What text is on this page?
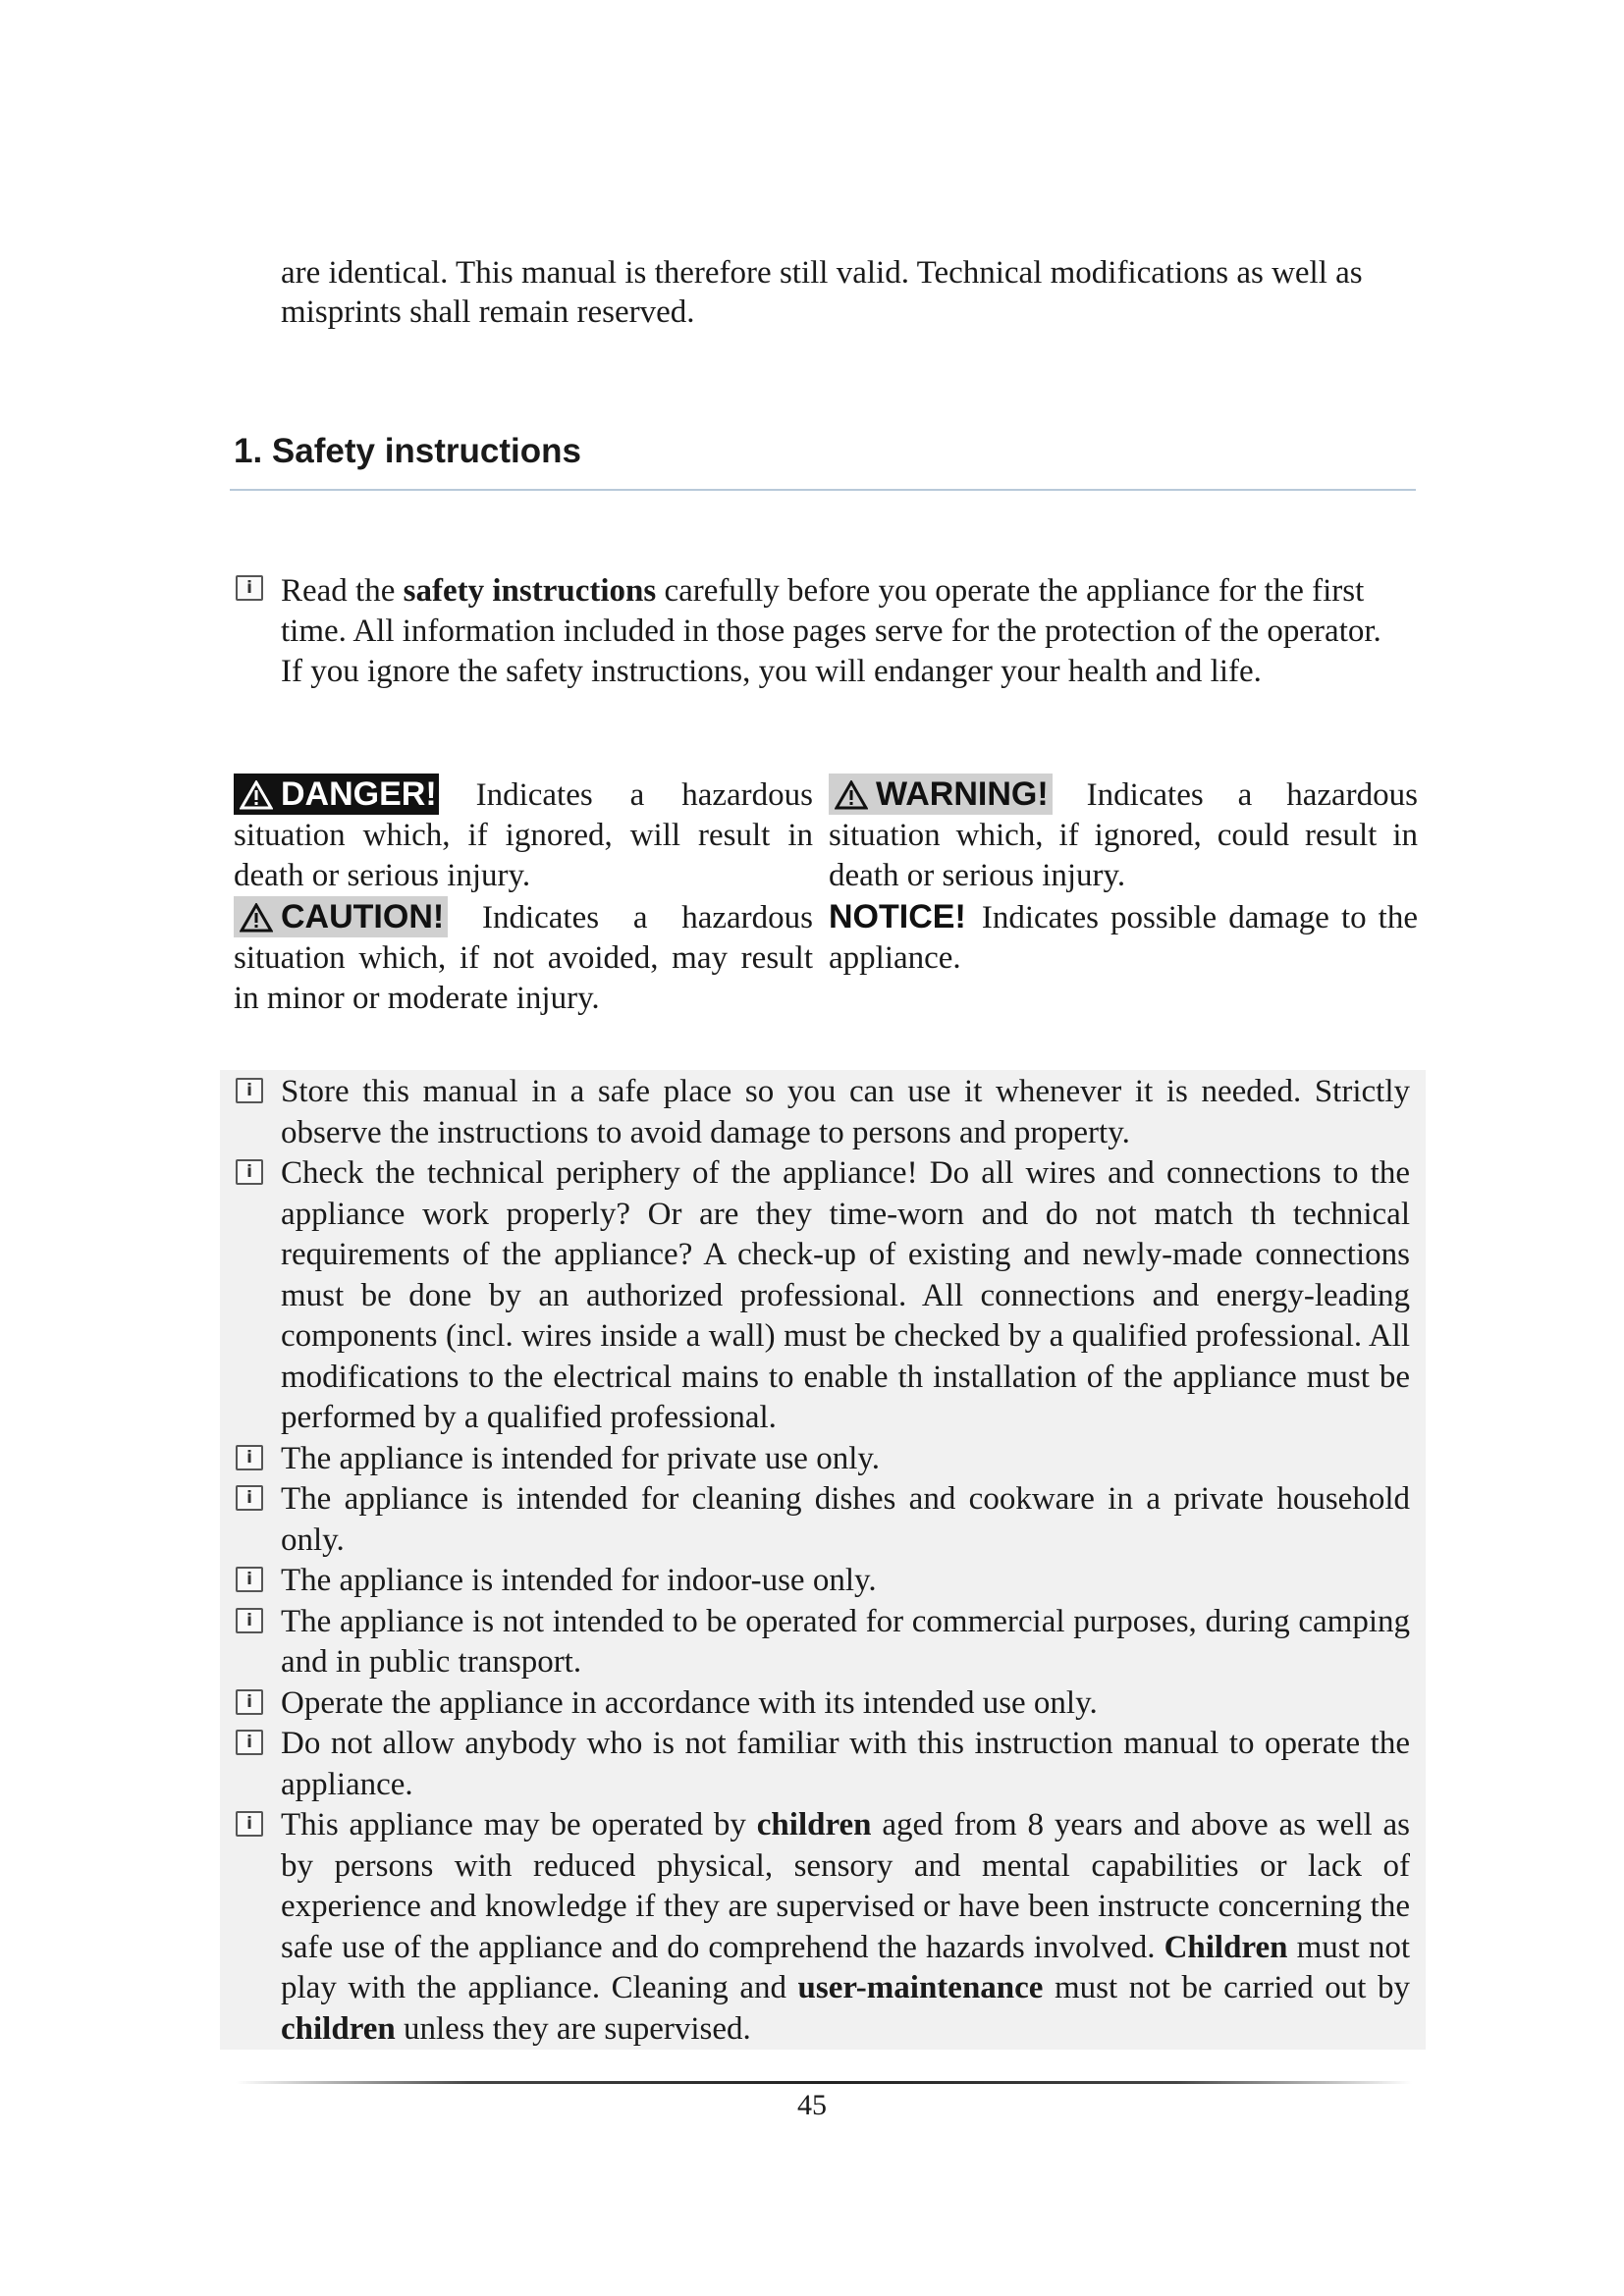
are identical. This manual is therefore still valid. Technical modifications as well as misprints shall remain reserved.

1. Safety instructions

i Read the safety instructions carefully before you operate the appliance for the first time. All information included in those pages serve for the protection of the operator. If you ignore the safety instructions, you will endanger your health and life.

DANGER! Indicates a hazardous situation which, if ignored, will result in death or serious injury.

CAUTION! Indicates a hazardous situation which, if not avoided, may result in minor or moderate injury.

WARNING! Indicates a hazardous situation which, if ignored, could result in death or serious injury.

NOTICE! Indicates possible damage to the appliance.

i Store this manual in a safe place so you can use it whenever it is needed. Strictly observe the instructions to avoid damage to persons and property.
i Check the technical periphery of the appliance! Do all wires and connections to the appliance work properly? Or are they time-worn and do not match th technical requirements of the appliance? A check-up of existing and newly-made connections must be done by an authorized professional. All connections and energy-leading components (incl. wires inside a wall) must be checked by a qualified professional. All modifications to the electrical mains to enable th installation of the appliance must be performed by a qualified professional.
i The appliance is intended for private use only.
i The appliance is intended for cleaning dishes and cookware in a private household only.
i The appliance is intended for indoor-use only.
i The appliance is not intended to be operated for commercial purposes, during camping and in public transport.
i Operate the appliance in accordance with its intended use only.
i Do not allow anybody who is not familiar with this instruction manual to operate the appliance.
i This appliance may be operated by children aged from 8 years and above as well as by persons with reduced physical, sensory and mental capabilities or lack of experience and knowledge if they are supervised or have been instructe concerning the safe use of the appliance and do comprehend the hazards involved. Children must not play with the appliance. Cleaning and user-maintenance must not be carried out by children unless they are supervised.
45
